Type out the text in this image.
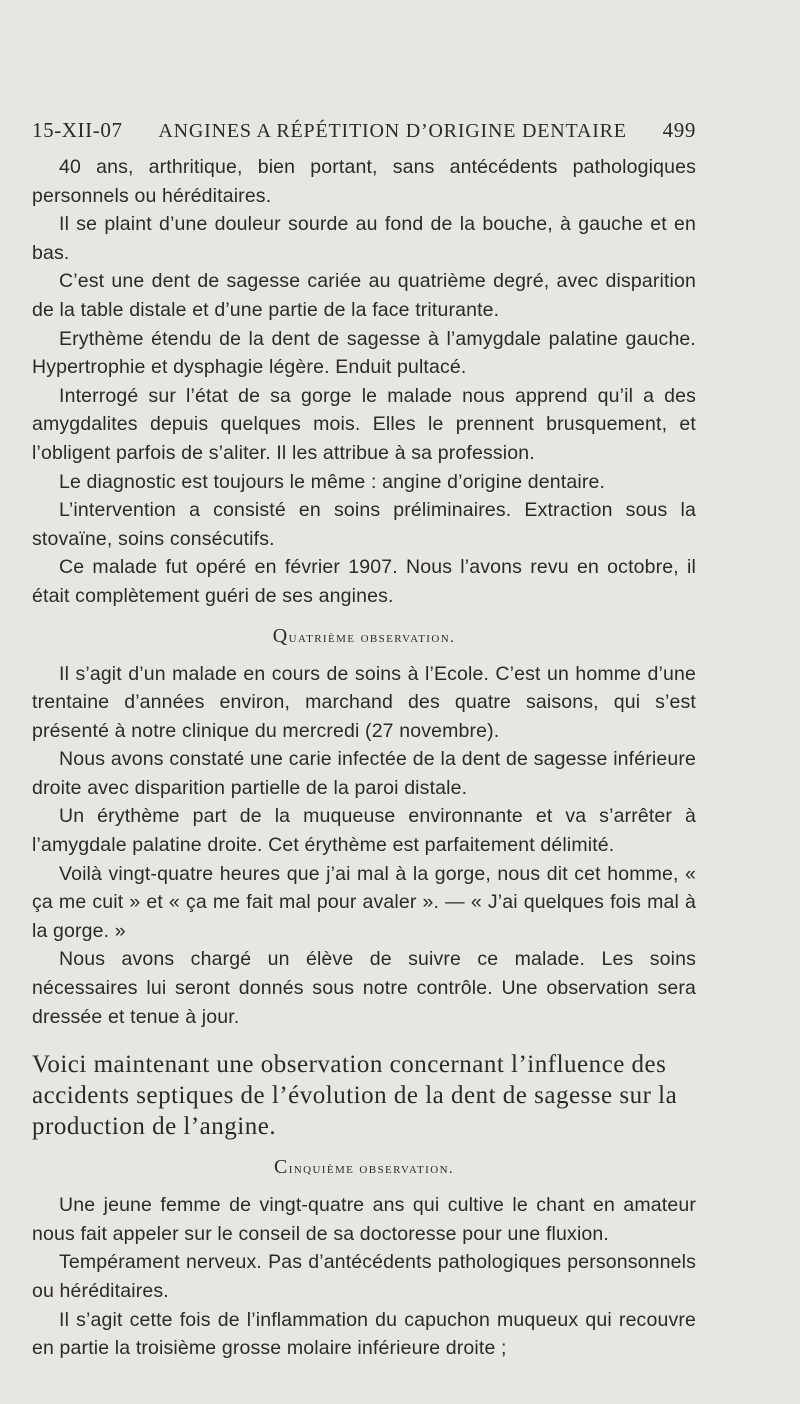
15-XII-07 ANGINES A RÉPÉTITION D’ORIGINE DENTAIRE 499

40 ans, arthritique, bien portant, sans antécédents pathologiques personnels ou héréditaires.

Il se plaint d’une douleur sourde au fond de la bouche, à gauche et en bas.

C’est une dent de sagesse cariée au quatrième degré, avec disparition de la table distale et d’une partie de la face triturante.

Erythème étendu de la dent de sagesse à l’amygdale palatine gauche. Hypertrophie et dysphagie légère. Enduit pultacé.

Interrogé sur l’état de sa gorge le malade nous apprend qu’il a des amygdalites depuis quelques mois. Elles le prennent brusquement, et l’obligent parfois de s’aliter. Il les attribue à sa profession.

Le diagnostic est toujours le même : angine d’origine dentaire.

L’intervention a consisté en soins préliminaires. Extraction sous la stovaïne, soins consécutifs.

Ce malade fut opéré en février 1907. Nous l’avons revu en octobre, il était complètement guéri de ses angines.

Quatrième observation.

Il s’agit d’un malade en cours de soins à l’Ecole. C’est un homme d’une trentaine d’années environ, marchand des quatre saisons, qui s’est présenté à notre clinique du mercredi (27 novembre).

Nous avons constaté une carie infectée de la dent de sagesse inférieure droite avec disparition partielle de la paroi distale.

Un érythème part de la muqueuse environnante et va s’arrêter à l’amygdale palatine droite. Cet érythème est parfaitement délimité.

Voilà vingt-quatre heures que j’ai mal à la gorge, nous dit cet homme, « ça me cuit » et « ça me fait mal pour avaler ». — « J’ai quelques fois mal à la gorge. »

Nous avons chargé un élève de suivre ce malade. Les soins nécessaires lui seront donnés sous notre contrôle. Une observation sera dressée et tenue à jour.

Voici maintenant une observation concernant l’influence des accidents septiques de l’évolution de la dent de sagesse sur la production de l’angine.

Cinquième observation.

Une jeune femme de vingt-quatre ans qui cultive le chant en amateur nous fait appeler sur le conseil de sa doctoresse pour une fluxion.

Tempérament nerveux. Pas d’antécédents pathologiques personsonnels ou héréditaires.

Il s’agit cette fois de l’inflammation du capuchon muqueux qui recouvre en partie la troisième grosse molaire inférieure droite ;
